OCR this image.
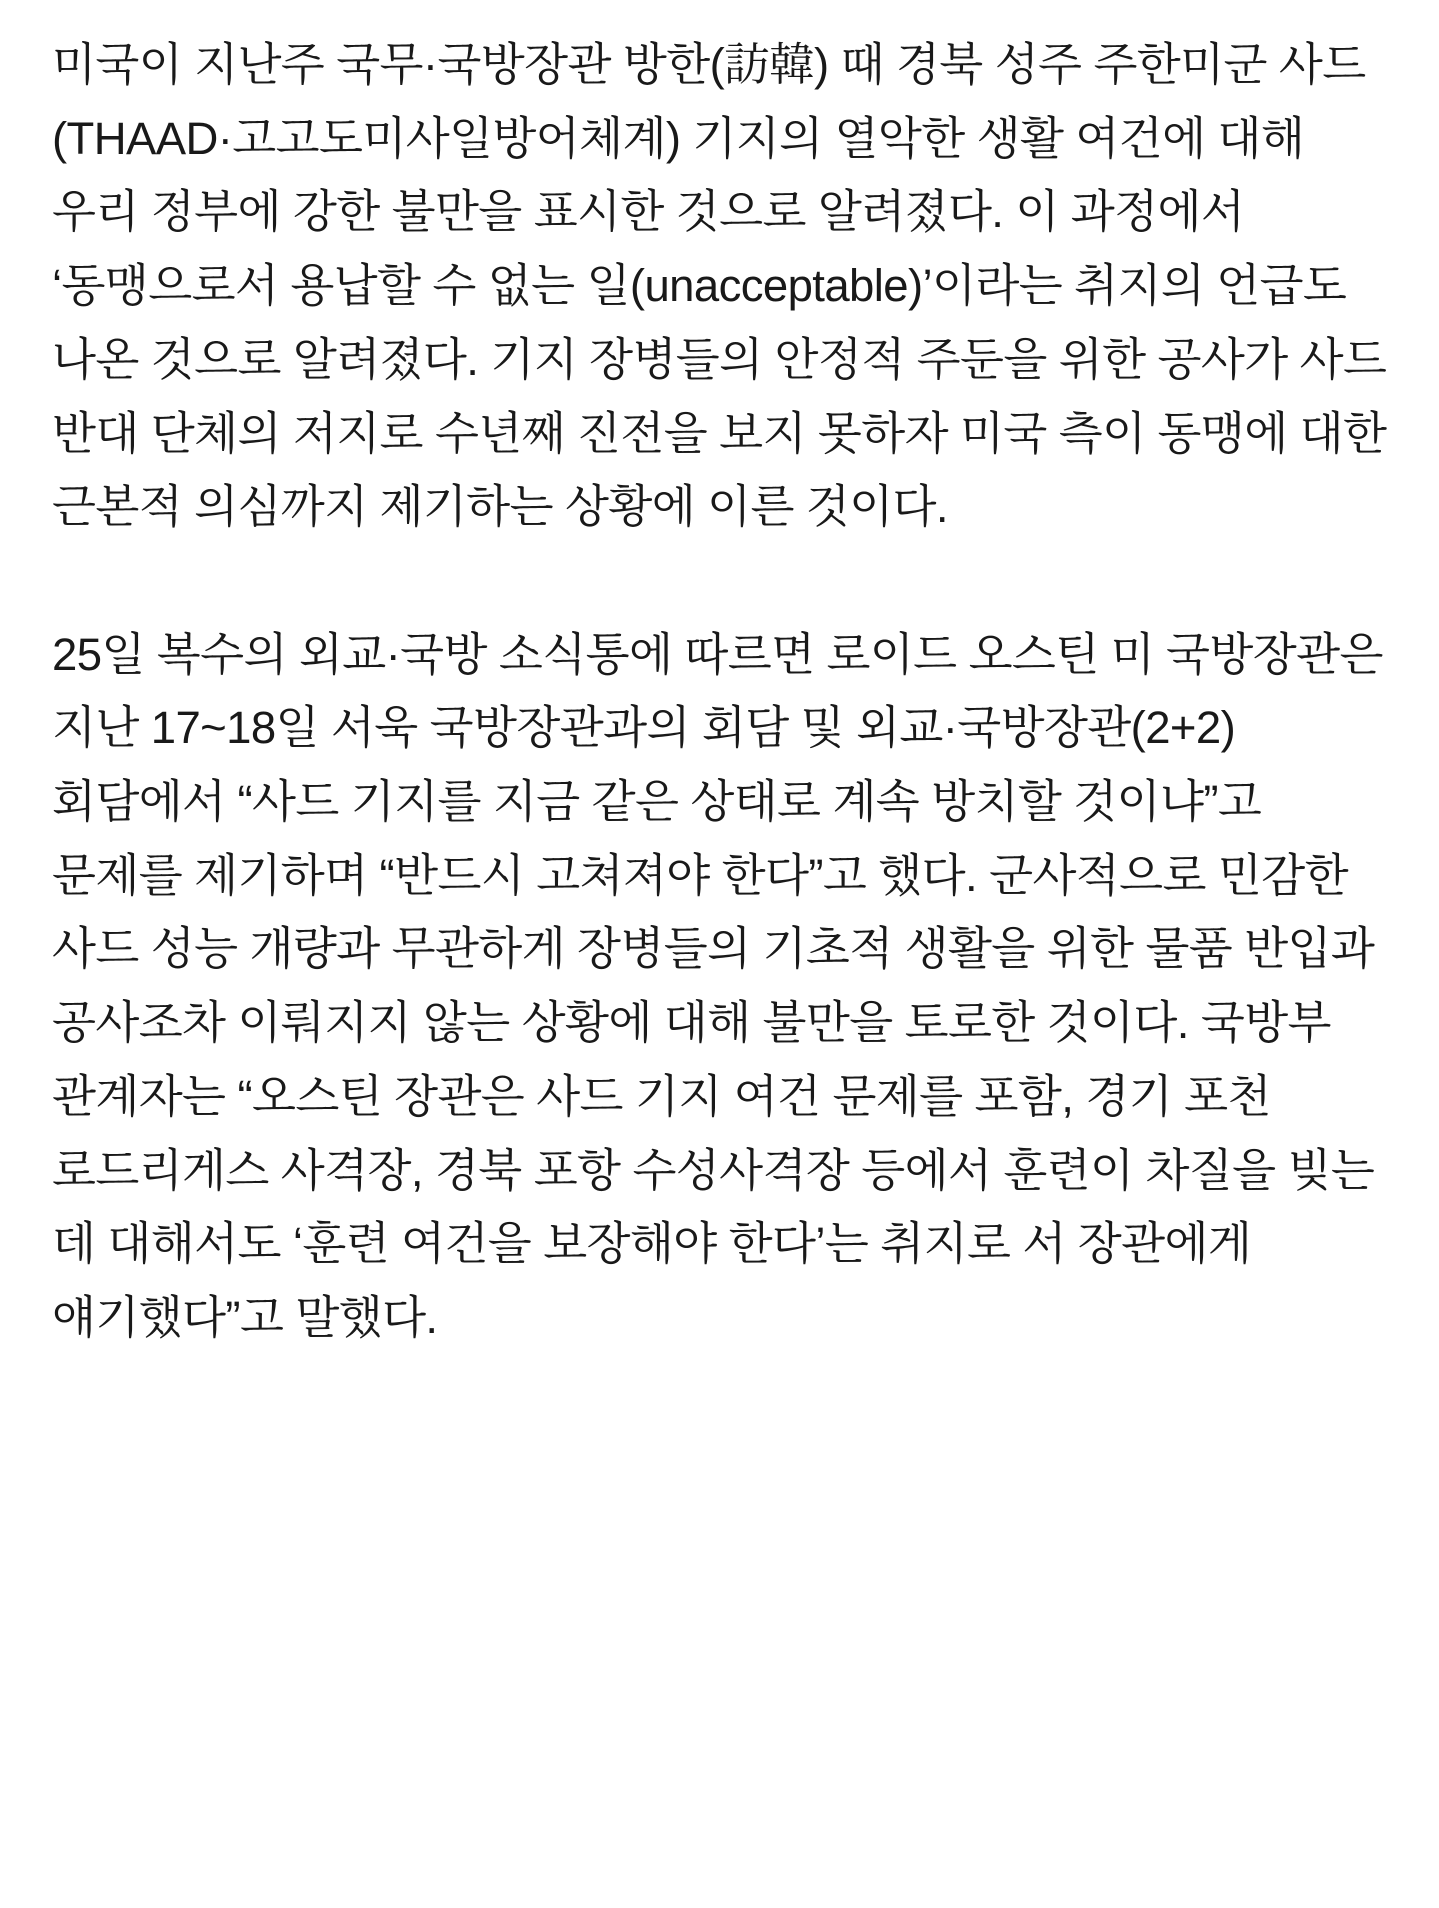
미국이 지난주 국무·국방장관 방한(訪韓) 때 경북 성주 주한미군 사드(THAAD·고고도미사일방어체계) 기지의 열악한 생활 여건에 대해 우리 정부에 강한 불만을 표시한 것으로 알려졌다. 이 과정에서 ‘동맹으로서 용납할 수 없는 일(unacceptable)’이라는 취지의 언급도 나온 것으로 알려졌다. 기지 장병들의 안정적 주둔을 위한 공사가 사드 반대 단체의 저지로 수년째 진전을 보지 못하자 미국 측이 동맹에 대한 근본적 의심까지 제기하는 상황에 이른 것이다.

25일 복수의 외교·국방 소식통에 따르면 로이드 오스틴 미 국방장관은 지난 17~18일 서욱 국방장관과의 회담 및 외교·국방장관(2+2) 회담에서 “사드 기지를 지금 같은 상태로 계속 방치할 것이냐”고 문제를 제기하며 “반드시 고쳐져야 한다”고 했다. 군사적으로 민감한 사드 성능 개량과 무관하게 장병들의 기초적 생활을 위한 물품 반입과 공사조차 이뤄지지 않는 상황에 대해 불만을 토로한 것이다. 국방부 관계자는 “오스틴 장관은 사드 기지 여건 문제를 포함, 경기 포천 로드리게스 사격장, 경북 포항 수성사격장 등에서 훈련이 차질을 빚는 데 대해서도 ‘훈련 여건을 보장해야 한다’는 취지로 서 장관에게 얘기했다”고 말했다.
